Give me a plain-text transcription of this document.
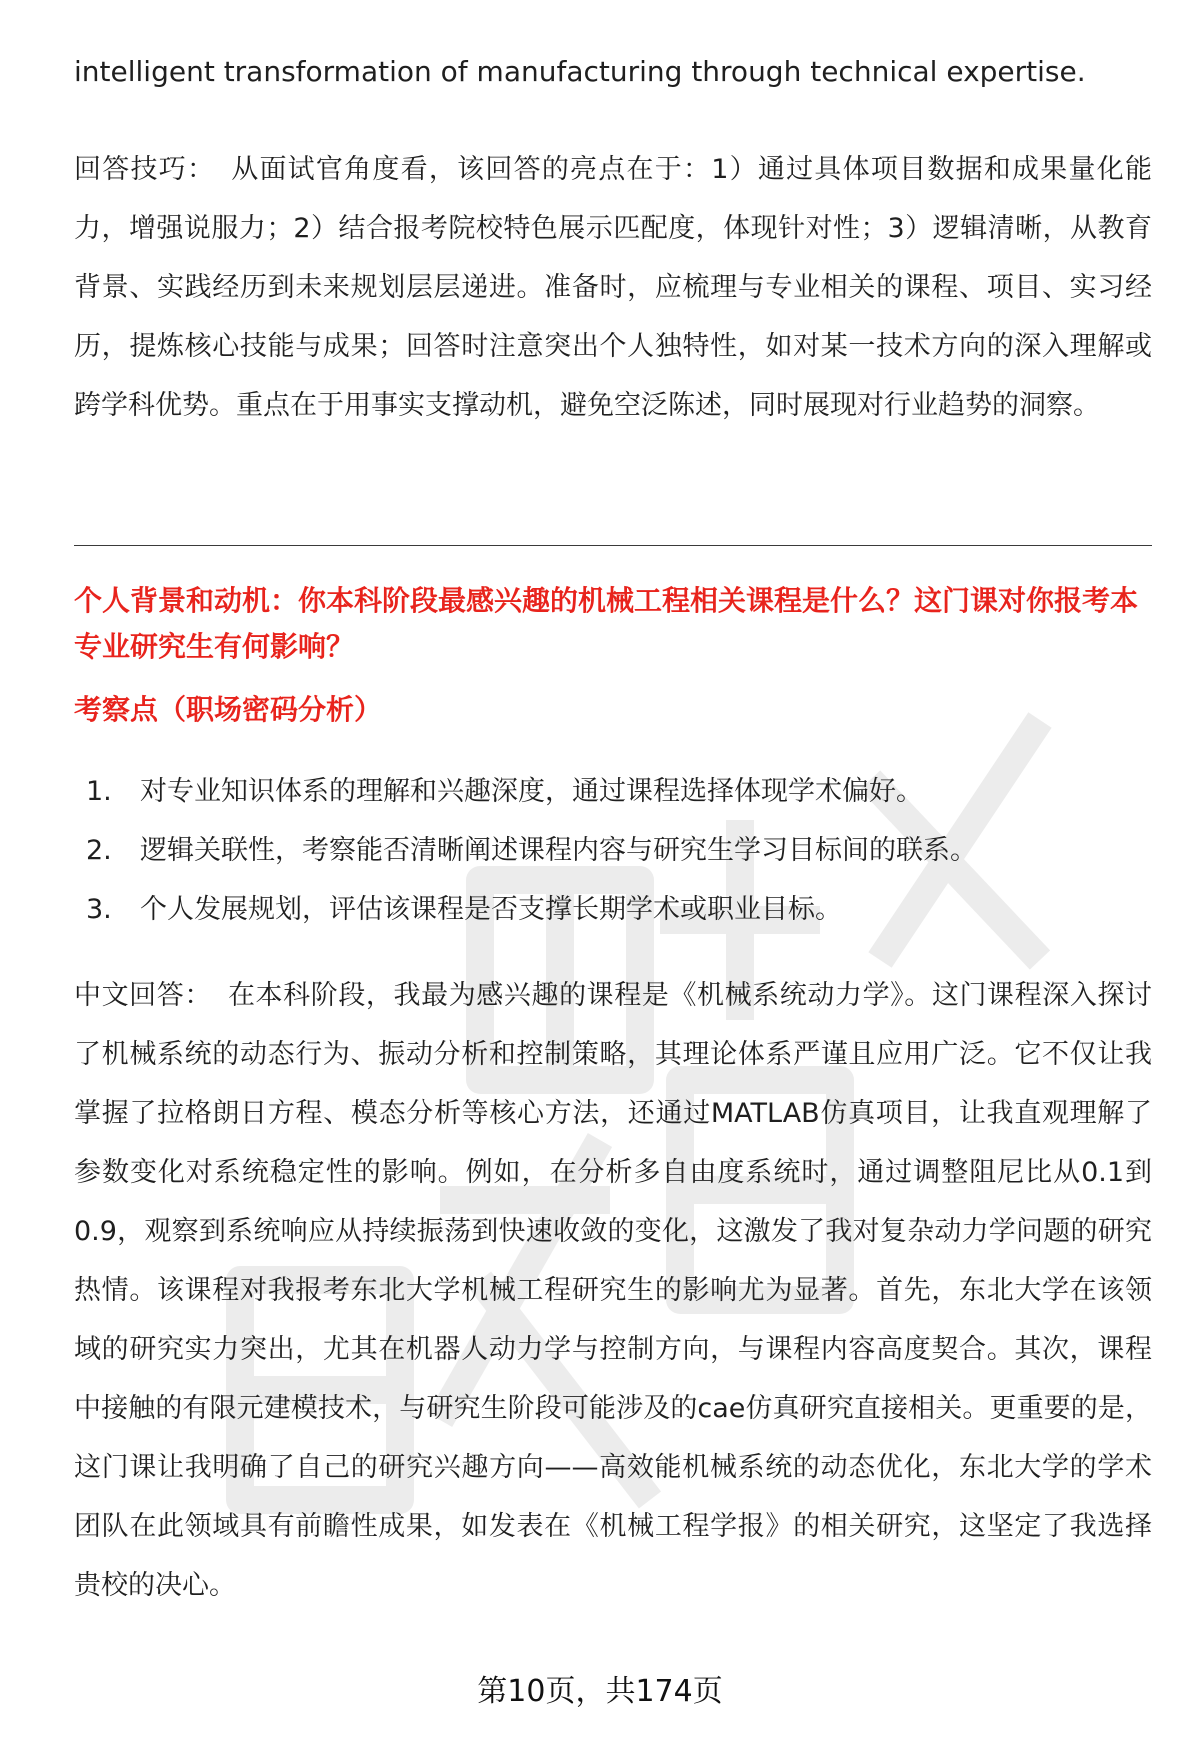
intelligent transformation of manufacturing through technical expertise.

回答技巧： 从面试官角度看，该回答的亮点在于：1）通过具体项目数据和成果量化能力，增强说服力；2）结合报考院校特色展示匹配度，体现针对性；3）逻辑清晰，从教育背景、实践经历到未来规划层层递进。准备时，应梳理与专业相关的课程、项目、实习经历，提炼核心技能与成果；回答时注意突出个人独特性，如对某一技术方向的深入理解或跨学科优势。重点在于用事实支撑动机，避免空泛陈述，同时展现对行业趋势的洞察。

个人背景和动机：你本科阶段最感兴趣的机械工程相关课程是什么？这门课对你报考本专业研究生有何影响？

考察点（职场密码分析）

1.	对专业知识体系的理解和兴趣深度，通过课程选择体现学术偏好。
2.	逻辑关联性，考察能否清晰阐述课程内容与研究生学习目标间的联系。
3.	个人发展规划，评估该课程是否支撑长期学术或职业目标。

中文回答： 在本科阶段，我最为感兴趣的课程是《机械系统动力学》。这门课程深入探讨了机械系统的动态行为、振动分析和控制策略，其理论体系严谨且应用广泛。它不仅让我掌握了拉格朗日方程、模态分析等核心方法，还通过MATLAB仿真项目，让我直观理解了参数变化对系统稳定性的影响。例如，在分析多自由度系统时，通过调整阻尼比从0.1到0.9，观察到系统响应从持续振荡到快速收敛的变化，这激发了我对复杂动力学问题的研究热情。该课程对我报考东北大学机械工程研究生的影响尤为显著。首先，东北大学在该领域的研究实力突出，尤其在机器人动力学与控制方向，与课程内容高度契合。其次，课程中接触的有限元建模技术，与研究生阶段可能涉及的cae仿真研究直接相关。更重要的是，这门课让我明确了自己的研究兴趣方向——高效能机械系统的动态优化，东北大学的学术团队在此领域具有前瞻性成果，如发表在《机械工程学报》的相关研究，这坚定了我选择贵校的决心。

第10页，共174页
